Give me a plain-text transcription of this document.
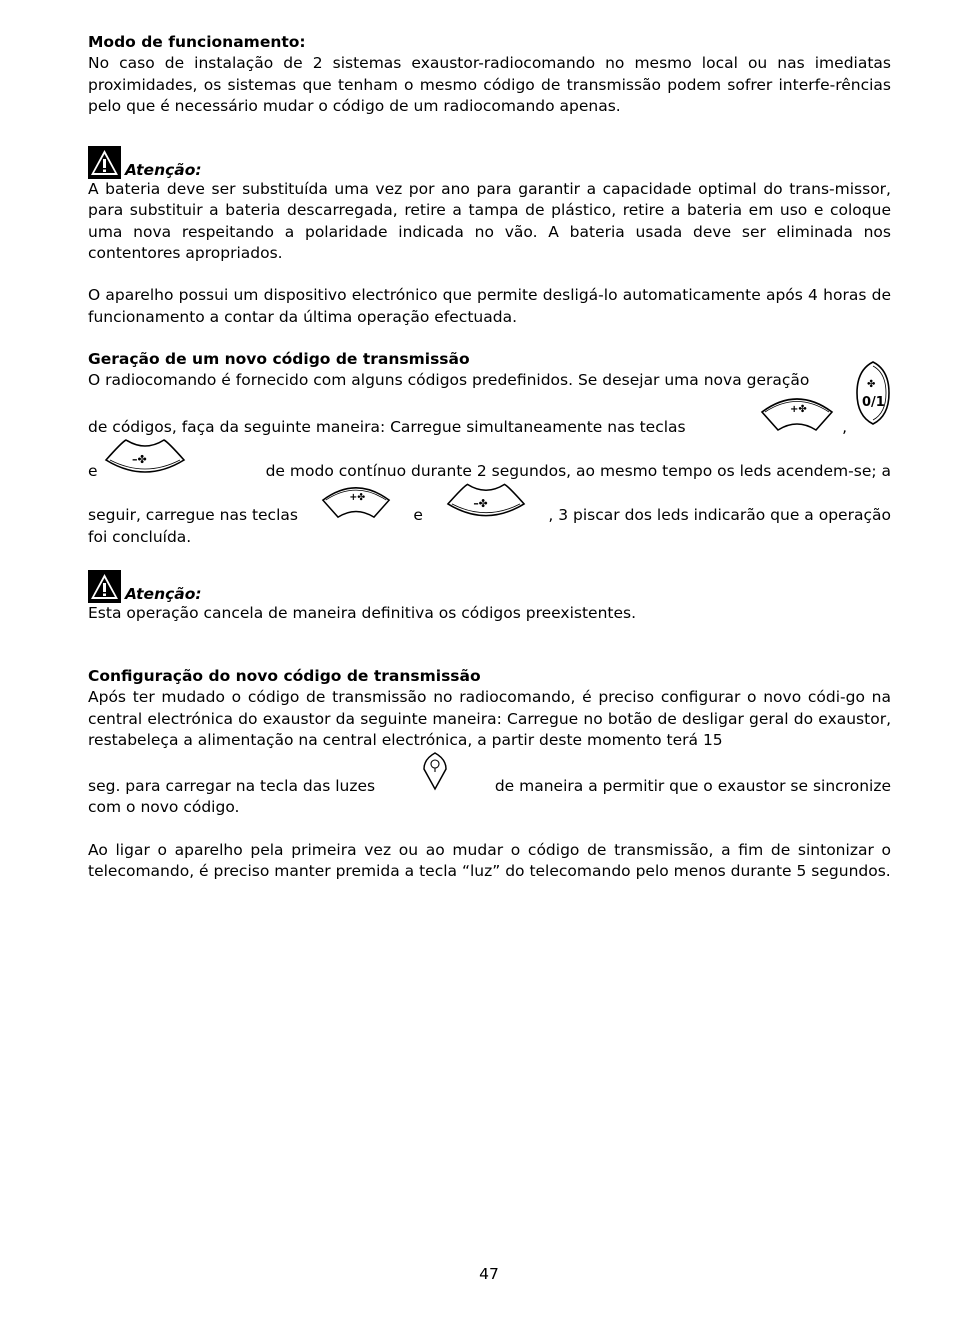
Modo de funcionamento:

No caso de instalação de 2 sistemas exaustor-radiocomando no mesmo local ou nas imediatas proximidades, os sistemas que tenham o mesmo código de transmissão podem sofrer interfe-rências pelo que é necessário mudar o código de um radiocomando apenas.

Atenção:

A bateria deve ser substituída uma vez por ano para garantir a capacidade optimal do trans-missor, para substituir a bateria descarregada, retire a tampa de plástico, retire a bateria em uso e coloque uma nova respeitando a polaridade indicada no vão. A bateria usada deve ser eliminada nos contentores apropriados.

O aparelho possui um dispositivo electrónico que permite desligá-lo automaticamente após 4 horas de funcionamento a contar da última operação efectuada.

Geração de um novo código de transmissão

O radiocomando é fornecido com alguns códigos predefinidos. Se desejar uma nova geração

de códigos, faça da seguinte maneira: Carregue simultaneamente nas teclas
+✤
,
✤
0/1
e
–✤
de modo contínuo durante 2 segundos, ao mesmo tempo os leds acendem-se; a
seguir, carregue nas teclas
+✤
e
–✤
, 3 piscar dos leds indicarão que a operação

foi concluída.

Atenção:

Esta operação cancela de maneira definitiva os códigos preexistentes.

Configuração do novo código de transmissão

Após ter mudado o código de transmissão no radiocomando, é preciso configurar o novo códi-go na central electrónica do exaustor da seguinte maneira: Carregue no botão de desligar geral do exaustor, restabeleça a alimentação na central electrónica, a partir deste momento terá 15

seg. para carregar na tecla das luzes	de maneira a permitir que o exaustor se sincronize

com o novo código.

Ao ligar o aparelho pela primeira vez ou ao mudar o código de transmissão, a fim de sintonizar o telecomando, é preciso manter premida a tecla “luz” do telecomando pelo menos durante 5 segundos.

47
